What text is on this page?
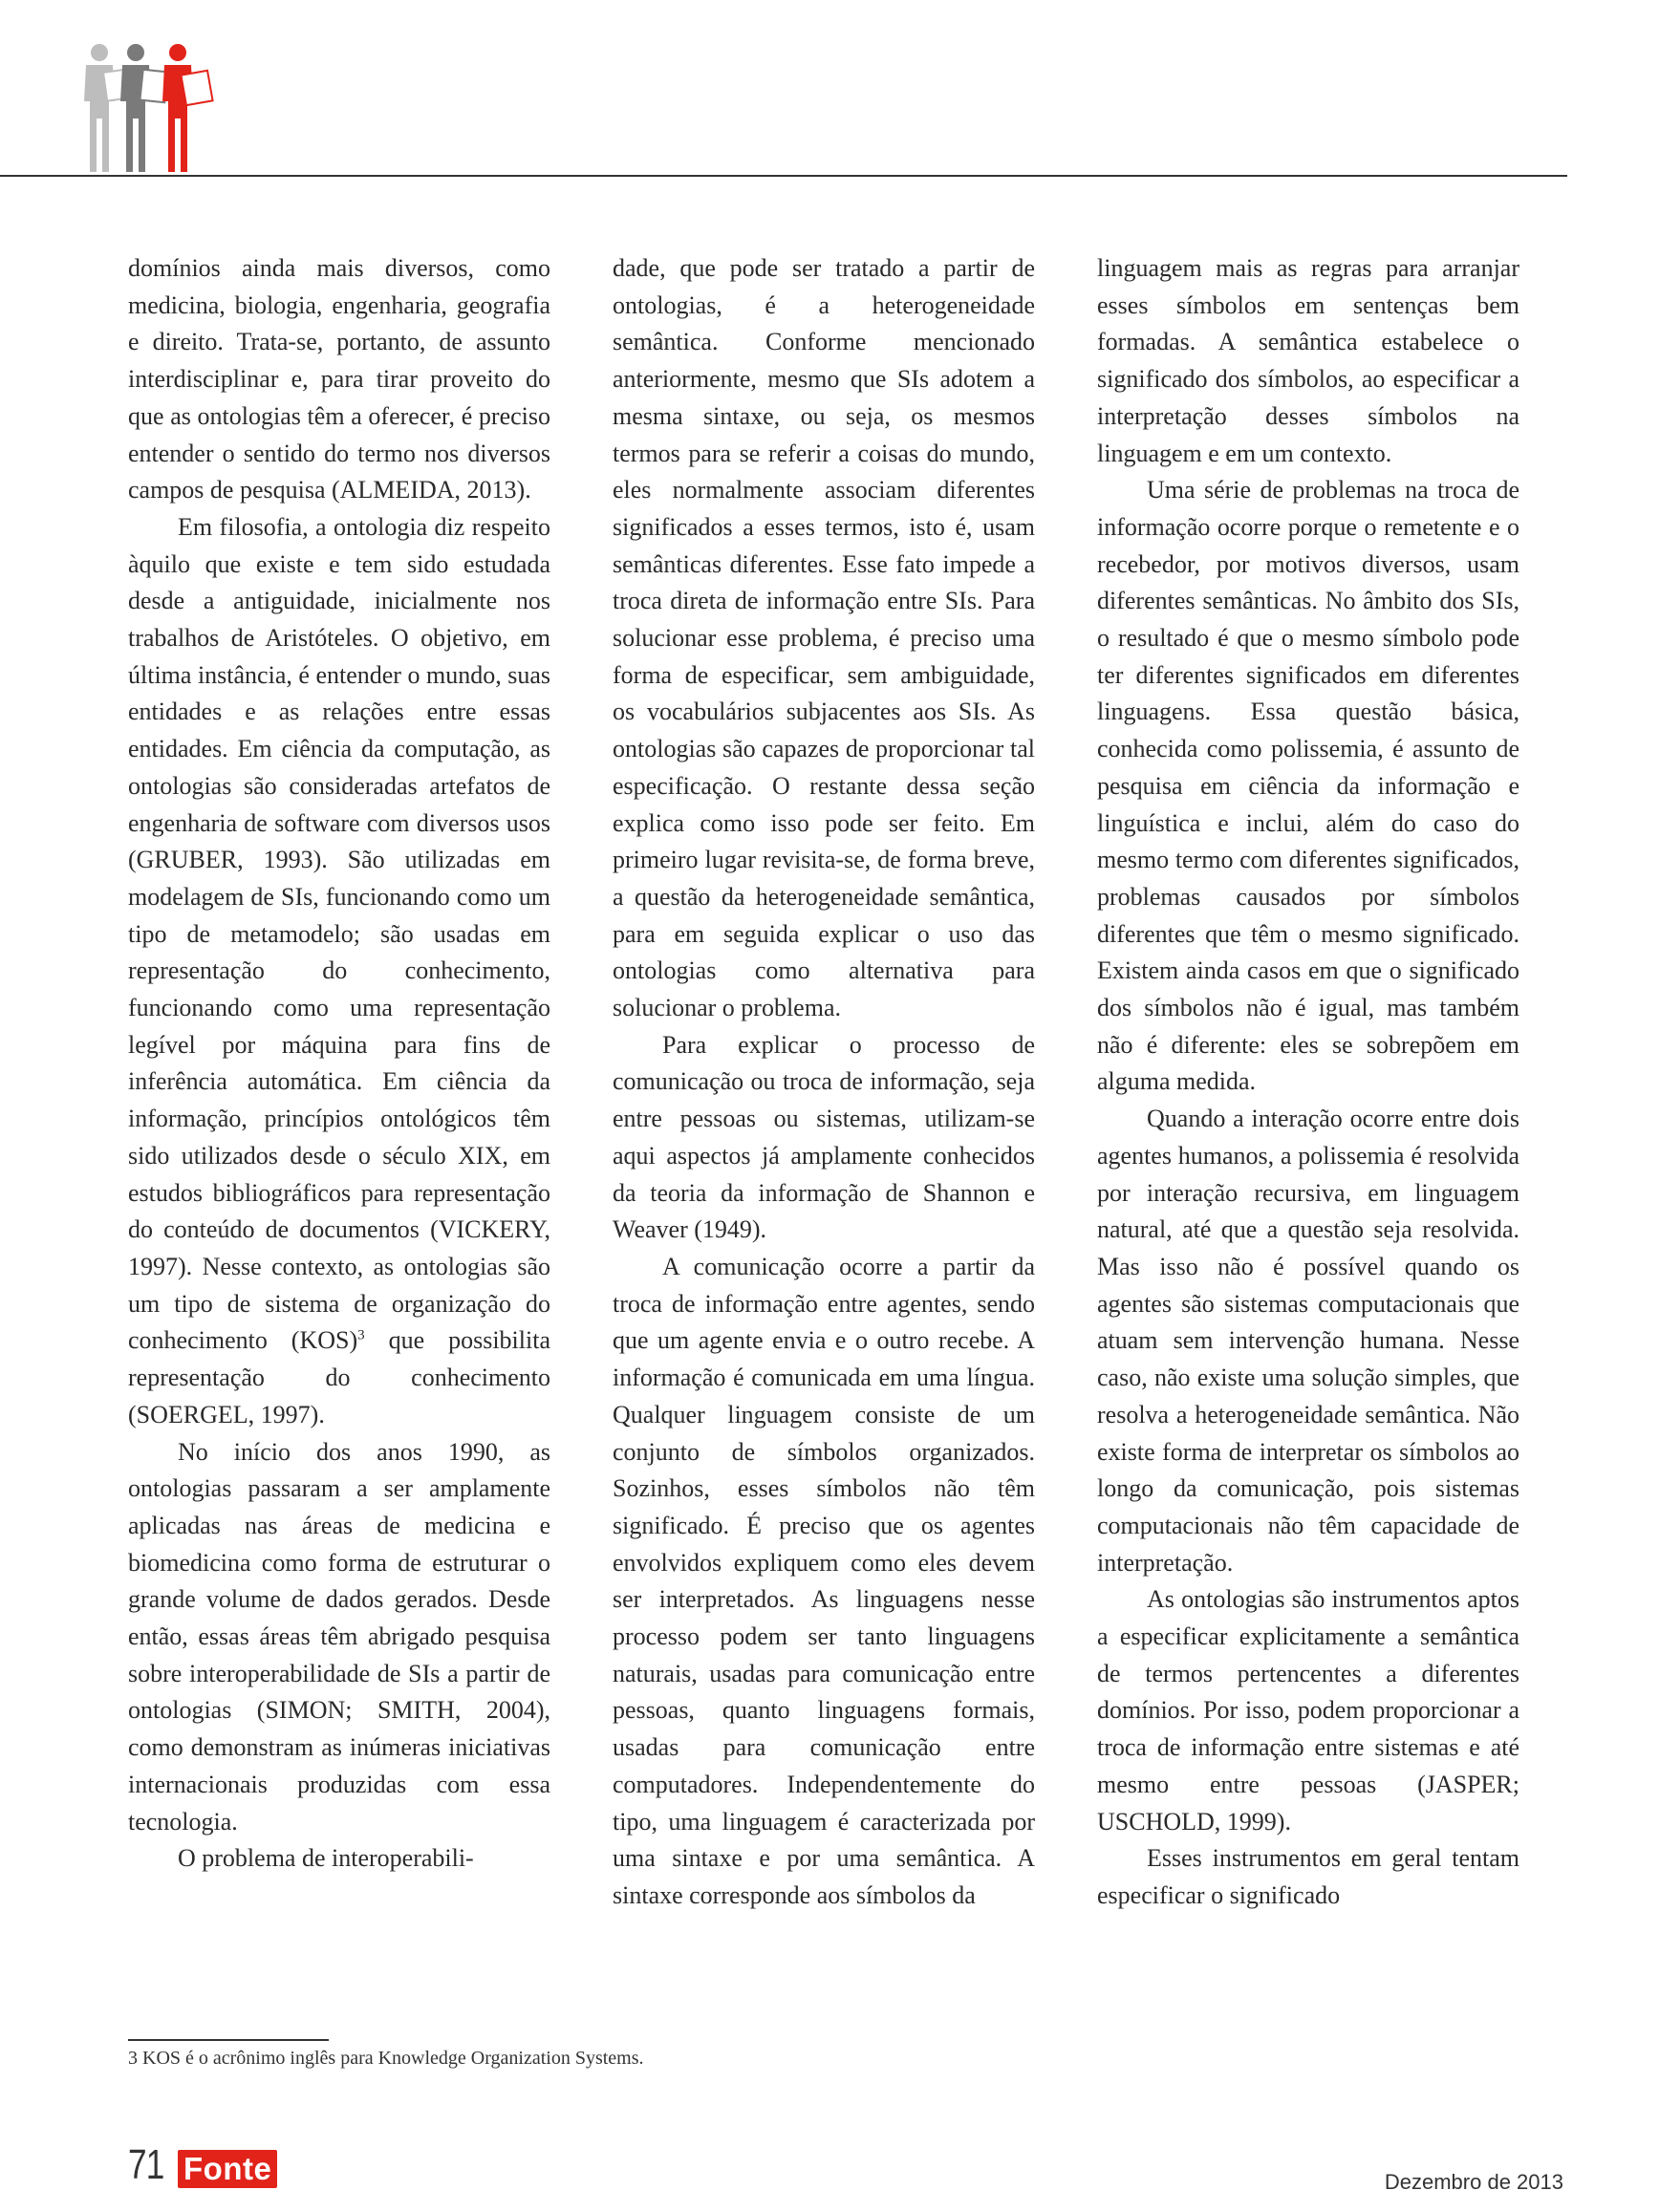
domínios ainda mais diversos, como medicina, biologia, engenharia, geografia e direito. Trata-se, portanto, de assunto interdisciplinar e, para tirar proveito do que as ontologias têm a oferecer, é preciso entender o sentido do termo nos diversos campos de pesquisa (ALMEIDA, 2013).

Em filosofia, a ontologia diz respeito àquilo que existe e tem sido estudada desde a antiguidade, inicialmente nos trabalhos de Aristóteles. O objetivo, em última instância, é entender o mundo, suas entidades e as relações entre essas entidades. Em ciência da computação, as ontologias são consideradas artefatos de engenharia de software com diversos usos (GRUBER, 1993). São utilizadas em modelagem de SIs, funcionando como um tipo de metamodelo; são usadas em representação do conhecimento, funcionando como uma representação legível por máquina para fins de inferência automática. Em ciência da informação, princípios ontológicos têm sido utilizados desde o século XIX, em estudos bibliográficos para representação do conteúdo de documentos (VICKERY, 1997). Nesse contexto, as ontologias são um tipo de sistema de organização do conhecimento (KOS)$^3$ que possibilita representação do conhecimento (SOERGEL, 1997).

No início dos anos 1990, as ontologias passaram a ser amplamente aplicadas nas áreas de medicina e biomedicina como forma de estruturar o grande volume de dados gerados. Desde então, essas áreas têm abrigado pesquisa sobre interoperabilidade de SIs a partir de ontologias (SIMON; SMITH, 2004), como demonstram as inúmeras iniciativas internacionais produzidas com essa tecnologia.

O problema de interoperabili-

dade, que pode ser tratado a partir de ontologias, é a heterogeneidade semântica. Conforme mencionado anteriormente, mesmo que SIs adotem a mesma sintaxe, ou seja, os mesmos termos para se referir a coisas do mundo, eles normalmente associam diferentes significados a esses termos, isto é, usam semânticas diferentes. Esse fato impede a troca direta de informação entre SIs. Para solucionar esse problema, é preciso uma forma de especificar, sem ambiguidade, os vocabulários subjacentes aos SIs. As ontologias são capazes de proporcionar tal especificação. O restante dessa seção explica como isso pode ser feito. Em primeiro lugar revisita-se, de forma breve, a questão da heterogeneidade semântica, para em seguida explicar o uso das ontologias como alternativa para solucionar o problema.

Para explicar o processo de comunicação ou troca de informação, seja entre pessoas ou sistemas, utilizam-se aqui aspectos já amplamente conhecidos da teoria da informação de Shannon e Weaver (1949).

A comunicação ocorre a partir da troca de informação entre agentes, sendo que um agente envia e o outro recebe. A informação é comunicada em uma língua. Qualquer linguagem consiste de um conjunto de símbolos organizados. Sozinhos, esses símbolos não têm significado. É preciso que os agentes envolvidos expliquem como eles devem ser interpretados. As linguagens nesse processo podem ser tanto linguagens naturais, usadas para comunicação entre pessoas, quanto linguagens formais, usadas para comunicação entre computadores. Independentemente do tipo, uma linguagem é caracterizada por uma sintaxe e por uma semântica. A sintaxe corresponde aos símbolos da

linguagem mais as regras para arranjar esses símbolos em sentenças bem formadas. A semântica estabelece o significado dos símbolos, ao especificar a interpretação desses símbolos na linguagem e em um contexto.

Uma série de problemas na troca de informação ocorre porque o remetente e o recebedor, por motivos diversos, usam diferentes semânticas. No âmbito dos SIs, o resultado é que o mesmo símbolo pode ter diferentes significados em diferentes linguagens. Essa questão básica, conhecida como polissemia, é assunto de pesquisa em ciência da informação e linguística e inclui, além do caso do mesmo termo com diferentes significados, problemas causados por símbolos diferentes que têm o mesmo significado. Existem ainda casos em que o significado dos símbolos não é igual, mas também não é diferente: eles se sobrepõem em alguma medida.

Quando a interação ocorre entre dois agentes humanos, a polissemia é resolvida por interação recursiva, em linguagem natural, até que a questão seja resolvida. Mas isso não é possível quando os agentes são sistemas computacionais que atuam sem intervenção humana. Nesse caso, não existe uma solução simples, que resolva a heterogeneidade semântica. Não existe forma de interpretar os símbolos ao longo da comunicação, pois sistemas computacionais não têm capacidade de interpretação.

As ontologias são instrumentos aptos a especificar explicitamente a semântica de termos pertencentes a diferentes domínios. Por isso, podem proporcionar a troca de informação entre sistemas e até mesmo entre pessoas (JASPER; USCHOLD, 1999).

Esses instrumentos em geral tentam especificar o significado

3 KOS é o acrônimo inglês para Knowledge Organization Systems.
71 Fonte	Dezembro de 2013
